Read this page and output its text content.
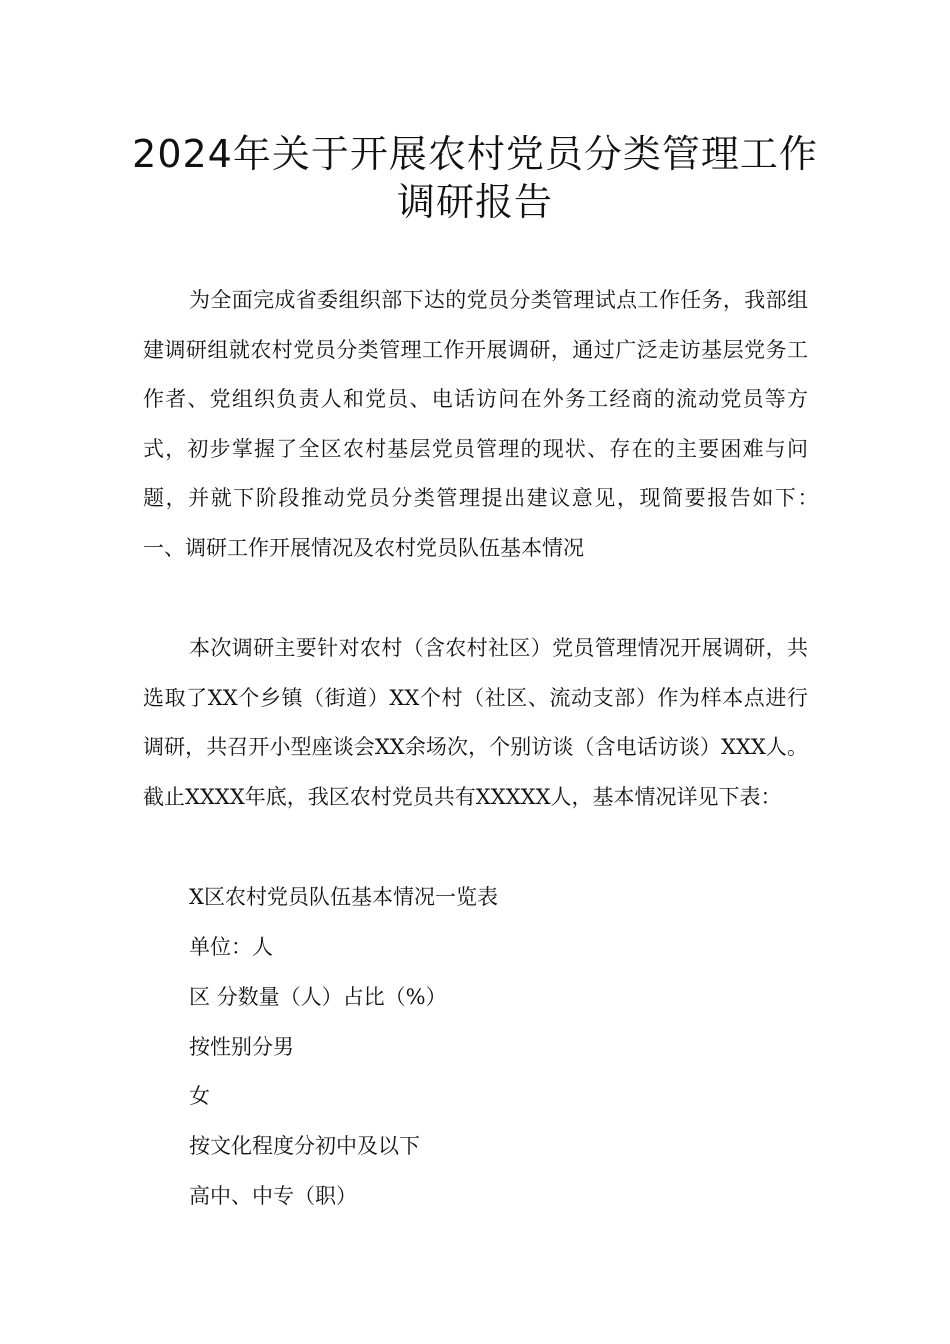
2024年关于开展农村党员分类管理工作
调研报告

为全面完成省委组织部下达的党员分类管理试点工作任务，我部组建调研组就农村党员分类管理工作开展调研，通过广泛走访基层党务工作者、党组织负责人和党员、电话访问在外务工经商的流动党员等方式，初步掌握了全区农村基层党员管理的现状、存在的主要困难与问题，并就下阶段推动党员分类管理提出建议意见，现简要报告如下：　　　一、调研工作开展情况及农村党员队伍基本情况

本次调研主要针对农村（含农村社区）党员管理情况开展调研，共选取了XX个乡镇（街道）XX个村（社区、流动支部）作为样本点进行调研，共召开小型座谈会XX余场次，个别访谈（含电话访谈）XXX人。截止XXXX年底，我区农村党员共有XXXXX人，基本情况详见下表：

X区农村党员队伍基本情况一览表

单位：人

区 分数量（人）占比（%）

按性别分男

女

按文化程度分初中及以下

高中、中专（职）
